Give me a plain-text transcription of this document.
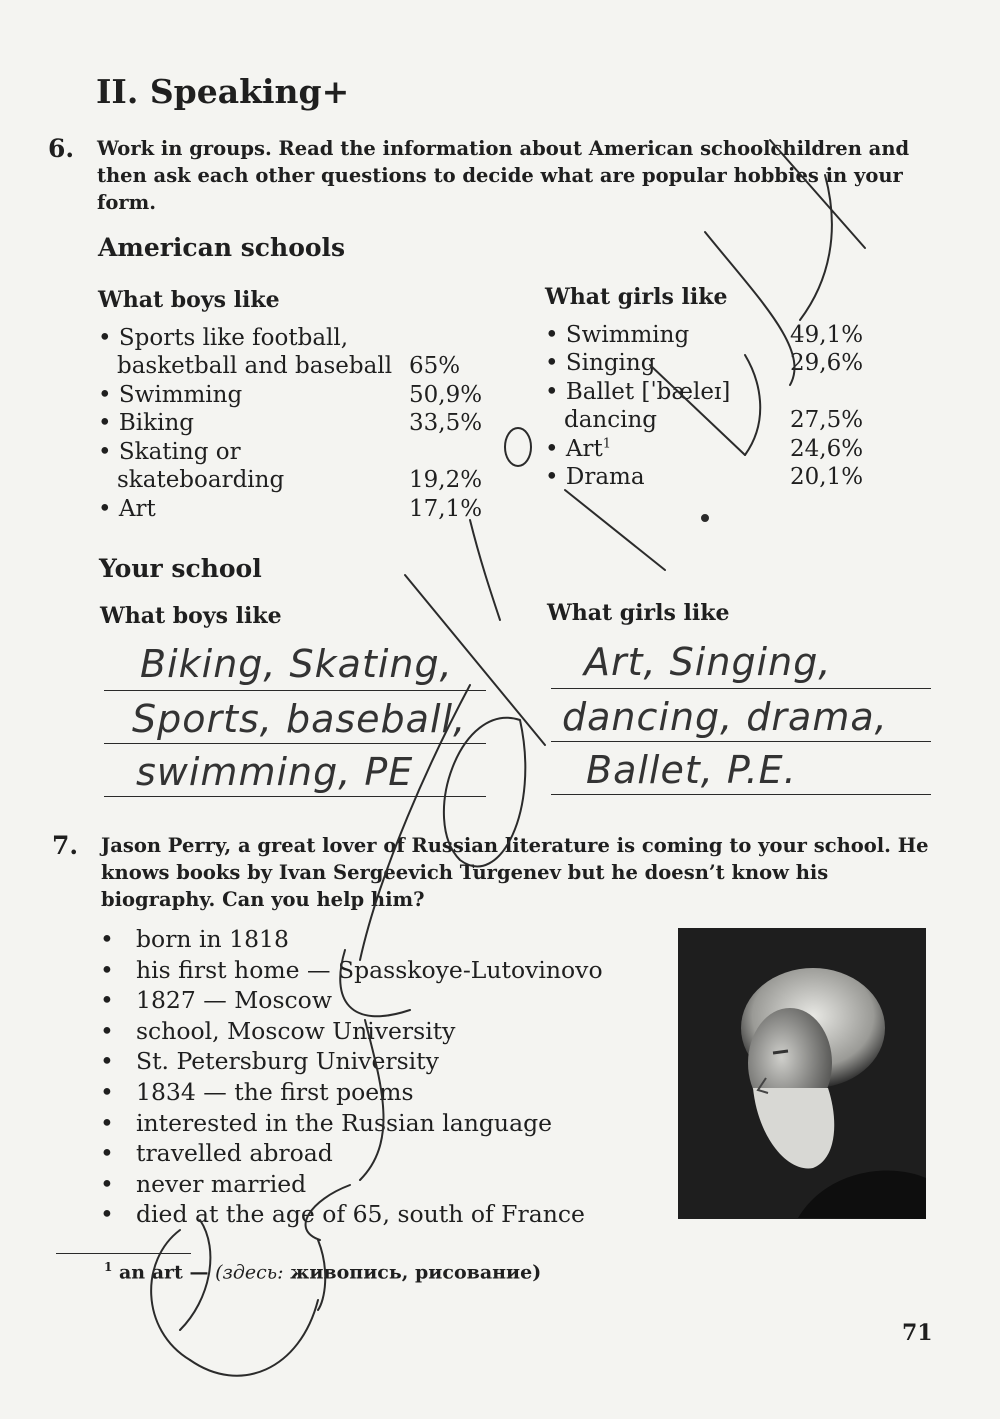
II. Speaking+
6. Work in groups. Read the information about American schoolchildren and then ask each other questions to decide what are popular hobbies in your form.
American schools
What boys like	What girls like
• Sports like football,
basketball and baseball 65%
• Swimming	50,9%
• Biking	33,5%
• Skating or
skateboarding	19,2%
• Art	17,1%
• Swimming	49,1%
• Singing	29,6%
• Ballet [ˈbæleɪ]
dancing	27,5%
• Art$^1$	24,6%
• Drama	20,1%
Your school
What boys like	What girls like
Biking, Skating,
Sports, baseball,
swimming, PE
Art, Singing,
dancing, drama,
Ballet, P.E.
7. Jason Perry, a great lover of Russian literature is coming to your school. He knows books by Ivan Sergeevich Turgenev but he doesn’t know his biography. Can you help him?
• born in 1818
• his first home — Spasskoye-Lutovinovo
• 1827 — Moscow
• school, Moscow University
• St. Petersburg University
• 1834 — the first poems
• interested in the Russian language
• travelled abroad
• never married
• died at the age of 65, south of France
$^1$ an art — (здесь: живопись, рисование)
71
